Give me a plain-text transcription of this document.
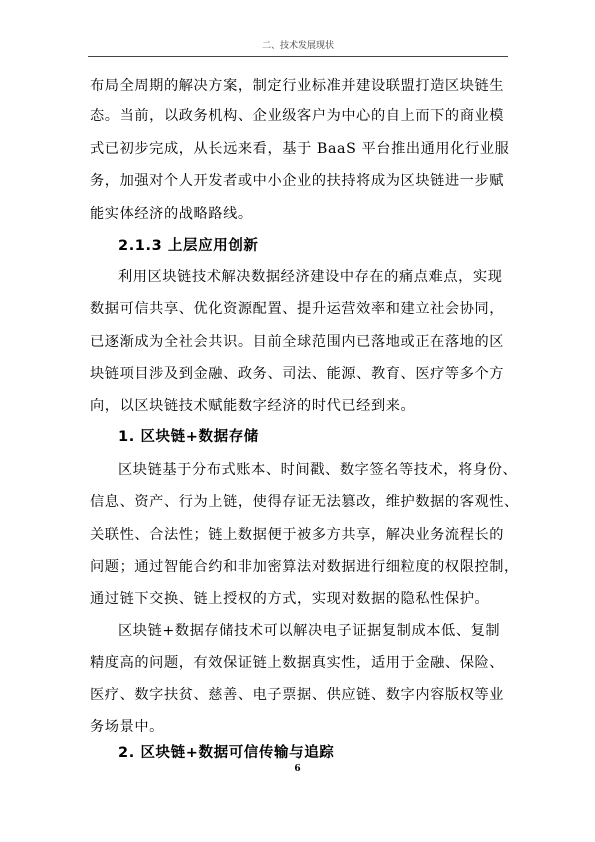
二、技术发展现状
布局全周期的解决方案，制定行业标准并建设联盟打造区块链生
态。当前，以政务机构、企业级客户为中心的自上而下的商业模
式已初步完成，从长远来看，基于 BaaS 平台推出通用化行业服
务，加强对个人开发者或中小企业的扶持将成为区块链进一步赋
能实体经济的战略路线。
2.1.3 上层应用创新
利用区块链技术解决数据经济建设中存在的痛点难点，实现
数据可信共享、优化资源配置、提升运营效率和建立社会协同，
已逐渐成为全社会共识。目前全球范围内已落地或正在落地的区
块链项目涉及到金融、政务、司法、能源、教育、医疗等多个方
向，以区块链技术赋能数字经济的时代已经到来。
1. 区块链+数据存储
区块链基于分布式账本、时间戳、数字签名等技术，将身份、
信息、资产、行为上链，使得存证无法篡改，维护数据的客观性、
关联性、合法性；链上数据便于被多方共享，解决业务流程长的
问题；通过智能合约和非加密算法对数据进行细粒度的权限控制，
通过链下交换、链上授权的方式，实现对数据的隐私性保护。
区块链+数据存储技术可以解决电子证据复制成本低、复制
精度高的问题，有效保证链上数据真实性，适用于金融、保险、
医疗、数字扶贫、慈善、电子票据、供应链、数字内容版权等业
务场景中。
2. 区块链+数据可信传输与追踪
6
